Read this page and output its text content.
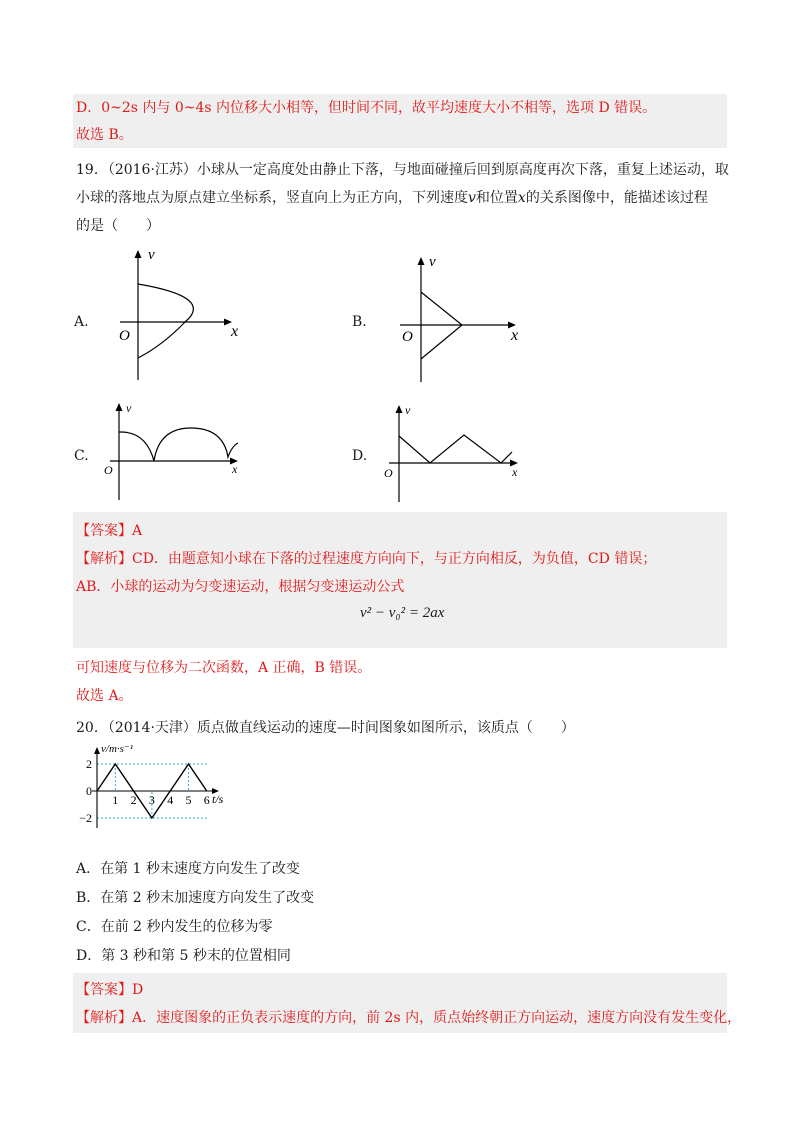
D．0~2s 内与 0~4s 内位移大小相等，但时间不同，故平均速度大小不相等，选项 D 错误。
故选 B。
19．（2016·江苏）小球从一定高度处由静止下落，与地面碰撞后回到原高度再次下落，重复上述运动，取
小球的落地点为原点建立坐标系，竖直向上为正方向，下列速度v和位置x的关系图像中，能描述该过程
的是（　　）
A.	B.
C.	D.
v
x
O
v
x
O
v
x
O
v
x
O
【答案】A
【解析】CD．由题意知小球在下落的过程速度方向向下，与正方向相反，为负值，CD 错误；
AB．小球的运动为匀变速运动，根据匀变速运动公式
v² − v₀² = 2ax
可知速度与位移为二次函数，A 正确，B 错误。
故选 A。
20．（2014·天津）质点做直线运动的速度—时间图象如图所示，该质点（　　）
1 2 3 4 5 6
2
0
−2
v/m·s⁻¹
t/s
A．在第 1 秒末速度方向发生了改变
B．在第 2 秒末加速度方向发生了改变
C．在前 2 秒内发生的位移为零
D．第 3 秒和第 5 秒末的位置相同
【答案】D
【解析】A．速度图象的正负表示速度的方向，前 2s 内，质点始终朝正方向运动，速度方向没有发生变化，
